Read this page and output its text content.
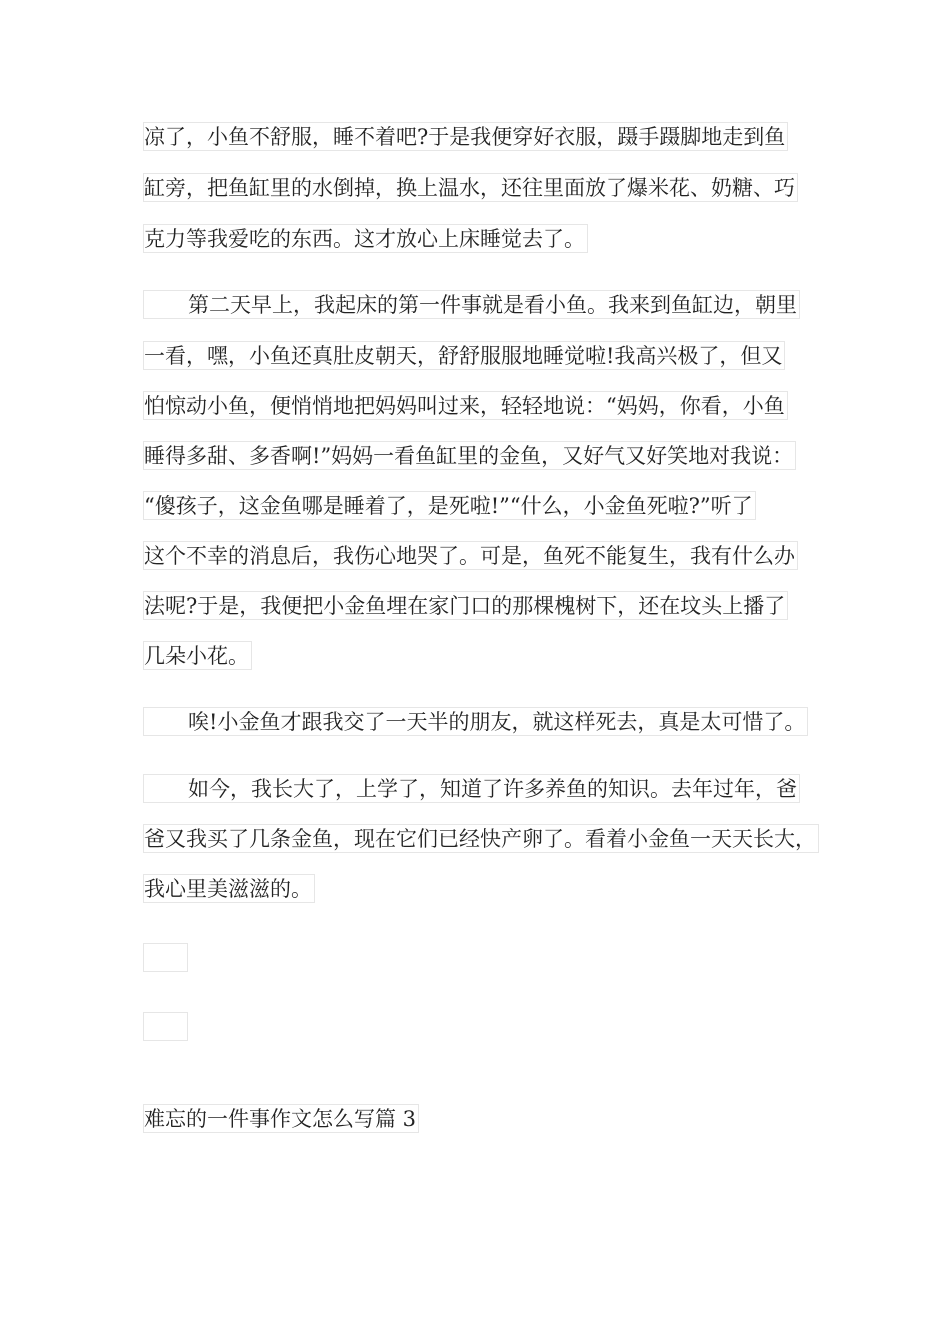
凉了，小鱼不舒服，睡不着吧?于是我便穿好衣服，蹑手蹑脚地走到鱼
缸旁，把鱼缸里的水倒掉，换上温水，还往里面放了爆米花、奶糖、巧
克力等我爱吃的东西。这才放心上床睡觉去了。
第二天早上，我起床的第一件事就是看小鱼。我来到鱼缸边，朝里
一看，嘿，小鱼还真肚皮朝天，舒舒服服地睡觉啦!我高兴极了，但又
怕惊动小鱼，便悄悄地把妈妈叫过来，轻轻地说：“妈妈，你看，小鱼
睡得多甜、多香啊!”妈妈一看鱼缸里的金鱼，又好气又好笑地对我说：
“傻孩子，这金鱼哪是睡着了，是死啦!”“什么，小金鱼死啦?”听了
这个不幸的消息后，我伤心地哭了。可是，鱼死不能复生，我有什么办
法呢?于是，我便把小金鱼埋在家门口的那棵槐树下，还在坟头上播了
几朵小花。
唉!小金鱼才跟我交了一天半的朋友，就这样死去，真是太可惜了。
如今，我长大了，上学了，知道了许多养鱼的知识。去年过年，爸
爸又我买了几条金鱼，现在它们已经快产卵了。看着小金鱼一天天长大，
我心里美滋滋的。
难忘的一件事作文怎么写篇 3
